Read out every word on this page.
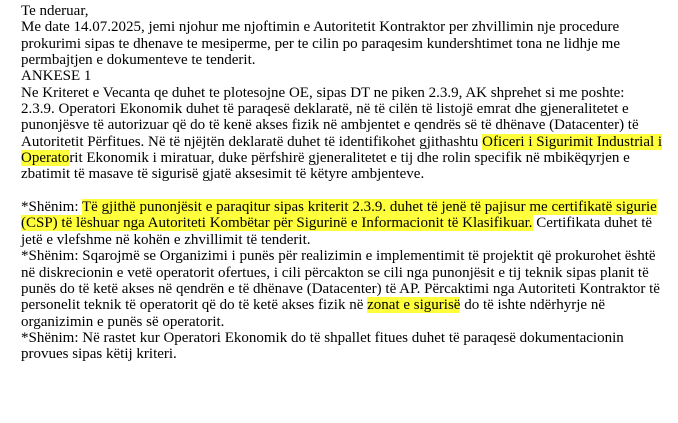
Te nderuar,
Me date 14.07.2025, jemi njohur me njoftimin e Autoritetit Kontraktor per zhvillimin nje procedure prokurimi sipas te dhenave te mesiperme, per te cilin po paraqesim kundershtimet tona ne lidhje me permbajtjen e dokumenteve te tenderit.
ANKESE 1
Ne Kriteret e Vecanta qe duhet te plotesojne OE, sipas DT ne piken 2.3.9, AK shprehet si me poshte:

2.3.9. Operatori Ekonomik duhet të paraqesë deklaratë, në të cilën të listojë emrat dhe gjeneralitetet e punonjësve të autorizuar që do të kenë akses fizik në ambjentet e qendrës së të dhënave (Datacenter) të Autoritetit Përfitues. Në të njëjtën deklaratë duhet të identifikohet gjithashtu Oficeri i Sigurimit Industrial i Operatorit Ekonomik i miratuar, duke përfshirë gjeneralitetet e tij dhe rolin specifik në mbikëqyrjen e zbatimit të masave të sigurisë gjatë aksesimit të këtyre ambjenteve.

*Shënim: Të gjithë punonjësit e paraqitur sipas kriterit 2.3.9. duhet të jenë të pajisur me certifikatë sigurie (CSP) të lëshuar nga Autoriteti Kombëtar për Sigurinë e Informacionit të Klasifikuar. Certifikata duhet të jetë e vlefshme në kohën e zhvillimit të tenderit.

*Shënim: Sqarojmë se Organizimi i punës për realizimin e implementimit të projektit që prokurohet është në diskrecionin e vetë operatorit ofertues, i cili përcakton se cili nga punonjësit e tij teknik sipas planit të punës do të ketë akses në qendrën e të dhënave (Datacenter) të AP. Përcaktimi nga Autoriteti Kontraktor të personelit teknik të operatorit që do të ketë akses fizik në zonat e sigurisë do të ishte ndërhyrje në organizimin e punës së operatorit.

*Shënim: Në rastet kur Operatori Ekonomik do të shpallet fitues duhet të paraqesë dokumentacionin provues sipas këtij kriteri.
